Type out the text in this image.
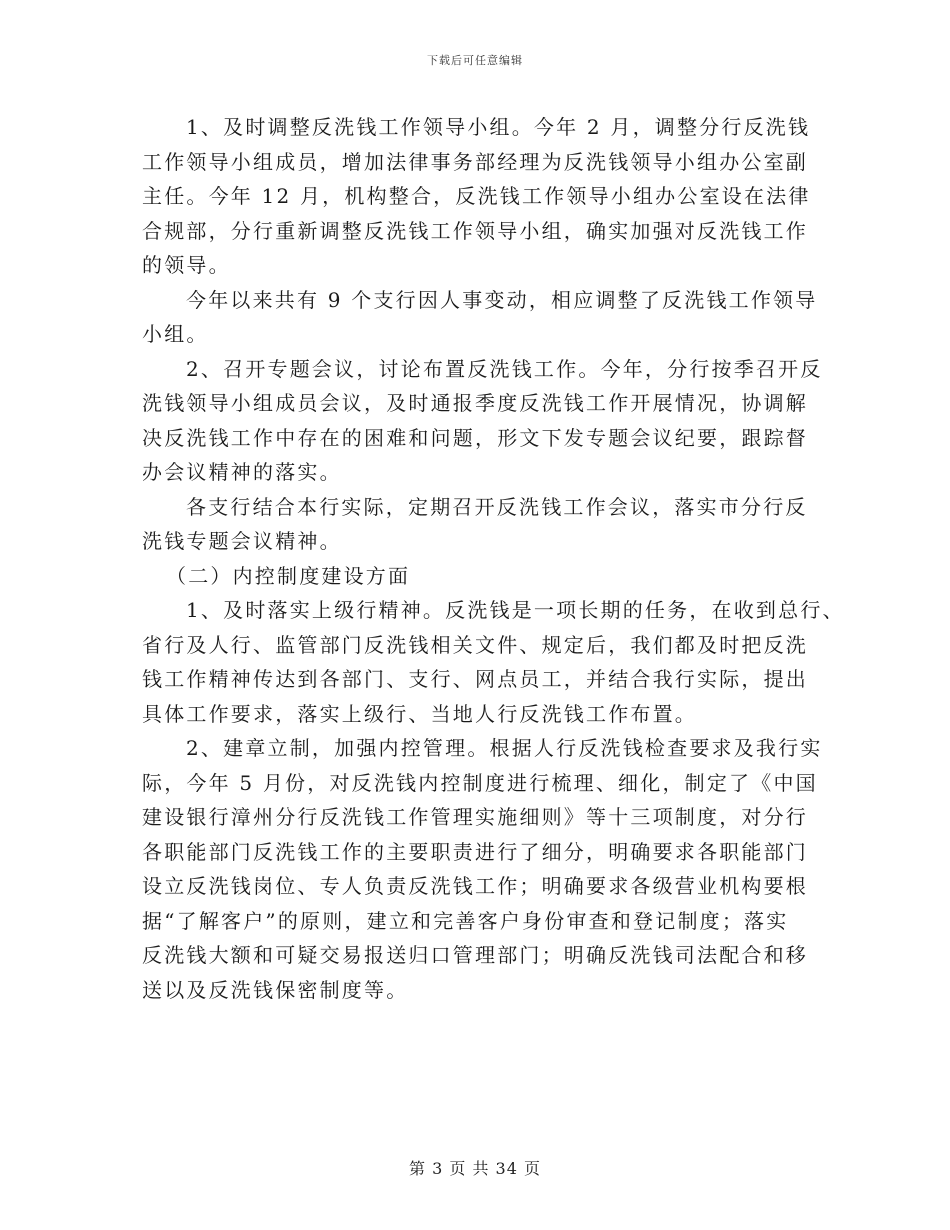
下载后可任意编辑
1、及时调整反洗钱工作领导小组。今年 2 月，调整分行反洗钱
工作领导小组成员，增加法律事务部经理为反洗钱领导小组办公室副
主任。今年 12 月，机构整合，反洗钱工作领导小组办公室设在法律
合规部，分行重新调整反洗钱工作领导小组，确实加强对反洗钱工作
的领导。
今年以来共有 9 个支行因人事变动，相应调整了反洗钱工作领导
小组。
2、召开专题会议，讨论布置反洗钱工作。今年，分行按季召开反
洗钱领导小组成员会议，及时通报季度反洗钱工作开展情况，协调解
决反洗钱工作中存在的困难和问题，形文下发专题会议纪要，跟踪督
办会议精神的落实。
各支行结合本行实际，定期召开反洗钱工作会议，落实市分行反
洗钱专题会议精神。
（二）内控制度建设方面
1、及时落实上级行精神。反洗钱是一项长期的任务，在收到总行、
省行及人行、监管部门反洗钱相关文件、规定后，我们都及时把反洗
钱工作精神传达到各部门、支行、网点员工，并结合我行实际，提出
具体工作要求，落实上级行、当地人行反洗钱工作布置。
2、建章立制，加强内控管理。根据人行反洗钱检查要求及我行实
际，今年 5 月份，对反洗钱内控制度进行梳理、细化，制定了《中国
建设银行漳州分行反洗钱工作管理实施细则》等十三项制度，对分行
各职能部门反洗钱工作的主要职责进行了细分，明确要求各职能部门
设立反洗钱岗位、专人负责反洗钱工作；明确要求各级营业机构要根
据“了解客户”的原则，建立和完善客户身份审查和登记制度；落实
反洗钱大额和可疑交易报送归口管理部门；明确反洗钱司法配合和移
送以及反洗钱保密制度等。
第 3 页 共 34 页
